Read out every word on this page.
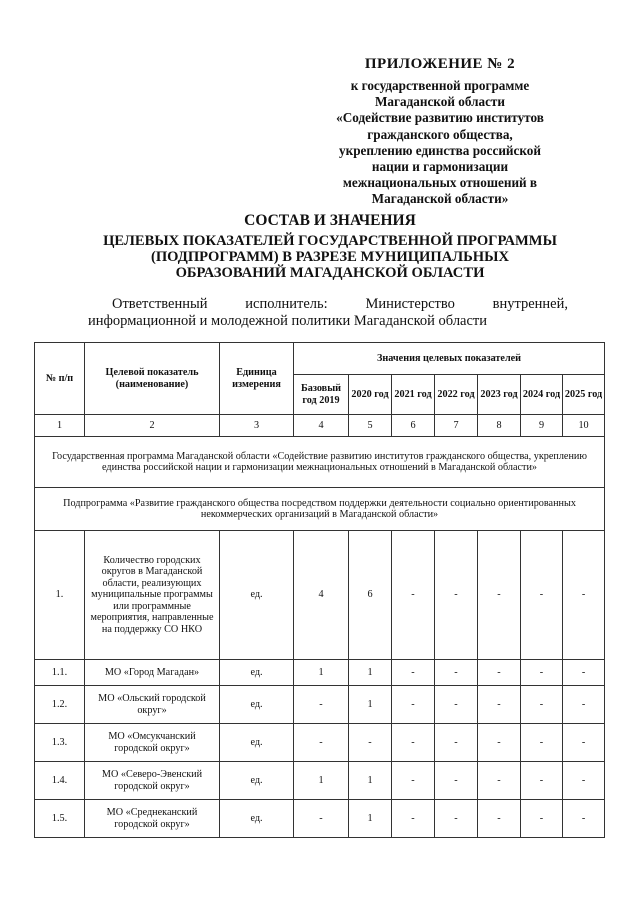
ПРИЛОЖЕНИЕ № 2
к государственной программе
Магаданской области
«Содействие развитию институтов
гражданского общества,
укреплению единства российской
нации и гармонизации
межнациональных отношений в
Магаданской области»
СОСТАВ И ЗНАЧЕНИЯ
ЦЕЛЕВЫХ ПОКАЗАТЕЛЕЙ ГОСУДАРСТВЕННОЙ ПРОГРАММЫ
(ПОДПРОГРАММ) В РАЗРЕЗЕ МУНИЦИПАЛЬНЫХ
ОБРАЗОВАНИЙ МАГАДАНСКОЙ ОБЛАСТИ
Ответственный исполнитель: Министерство внутренней,
информационной и молодежной политики Магаданской области
№ п/п	Целевой показатель (наименование)	Единица измерения	Значения целевых показателей						
			Базовый год 2019	2020 год	2021 год	2022 год	2023 год	2024 год	2025 год
1	2	3	4	5	6	7	8	9	10
Государственная программа Магаданской области «Содействие развитию институтов гражданского общества, укреплению единства российской нации и гармонизации межнациональных отношений в Магаданской области»									
Подпрограмма «Развитие гражданского общества посредством поддержки деятельности социально ориентированных некоммерческих организаций в Магаданской области»									
1.	Количество городских округов в Магаданской области, реализующих муниципальные программы или программные мероприятия, направленные на поддержку СО НКО	ед.	4	6	-	-	-	-	-
1.1.	МО «Город Магадан»	ед.	1	1	-	-	-	-	-
1.2.	МО «Ольский городской округ»	ед.	-	1	-	-	-	-	-
1.3.	МО «Омсукчанский городской округ»	ед.	-	-	-	-	-	-	-
1.4.	МО «Северо-Эвенский городской округ»	ед.	1	1	-	-	-	-	-
1.5.	МО «Среднеканский городской округ»	ед.	-	1	-	-	-	-	-
